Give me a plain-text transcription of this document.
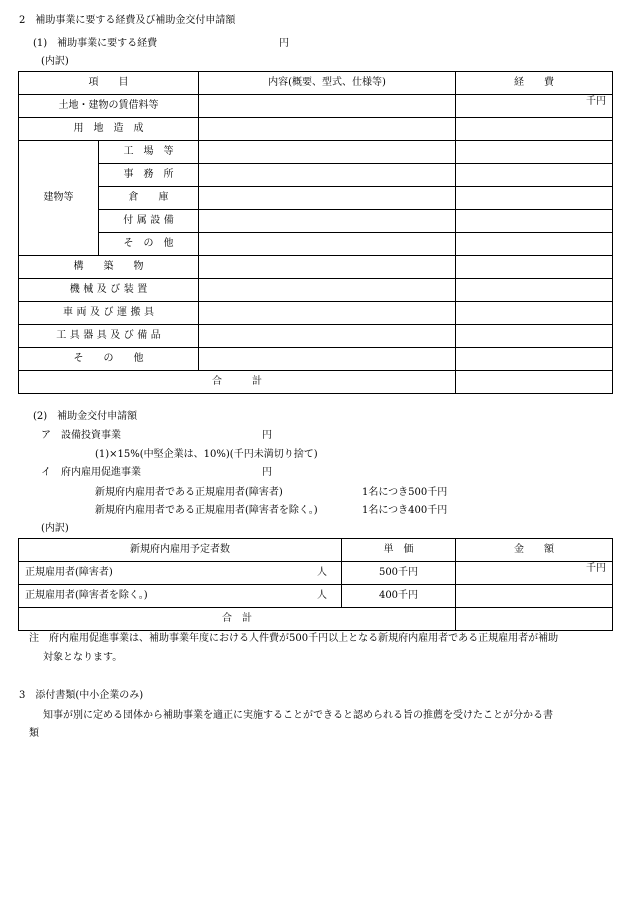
2　補助事業に要する経費及び補助金交付申請額
(1)　補助事業に要する経費	円
(内訳)
項　　目		内容(概要、型式、仕様等)	経　　費
土地・建物の賃借料等			千円

用　地　造　成			
建物等	工　場　等		
	事　務　所		
	倉　　庫		
	付属設備		
	そ　の　他		
構　　築　　物			
機械及び装置			
車両及び運搬具			
工具器具及び備品			
そ　　の　　他			
合　　　計			
(2)　補助金交付申請額
ア　設備投資事業	円
(1)×15%(中堅企業は、10%)(千円未満切り捨て)
イ　府内雇用促進事業	円
新規府内雇用者である正規雇用者(障害者)	1名につき500千円
新規府内雇用者である正規雇用者(障害者を除く。)	1名につき400千円
(内訳)
新規府内雇用予定者数	単　価	金　　額
正規雇用者(障害者) 人	500千円	千円

正規雇用者(障害者を除く。) 人	400千円	
合　計		
注　府内雇用促進事業は、補助事業年度における人件費が500千円以上となる新規府内雇用者である正規雇用者が補助
対象となります。
3　添付書類(中小企業のみ)
知事が別に定める団体から補助事業を適正に実施することができると認められる旨の推薦を受けたことが分かる書
類
